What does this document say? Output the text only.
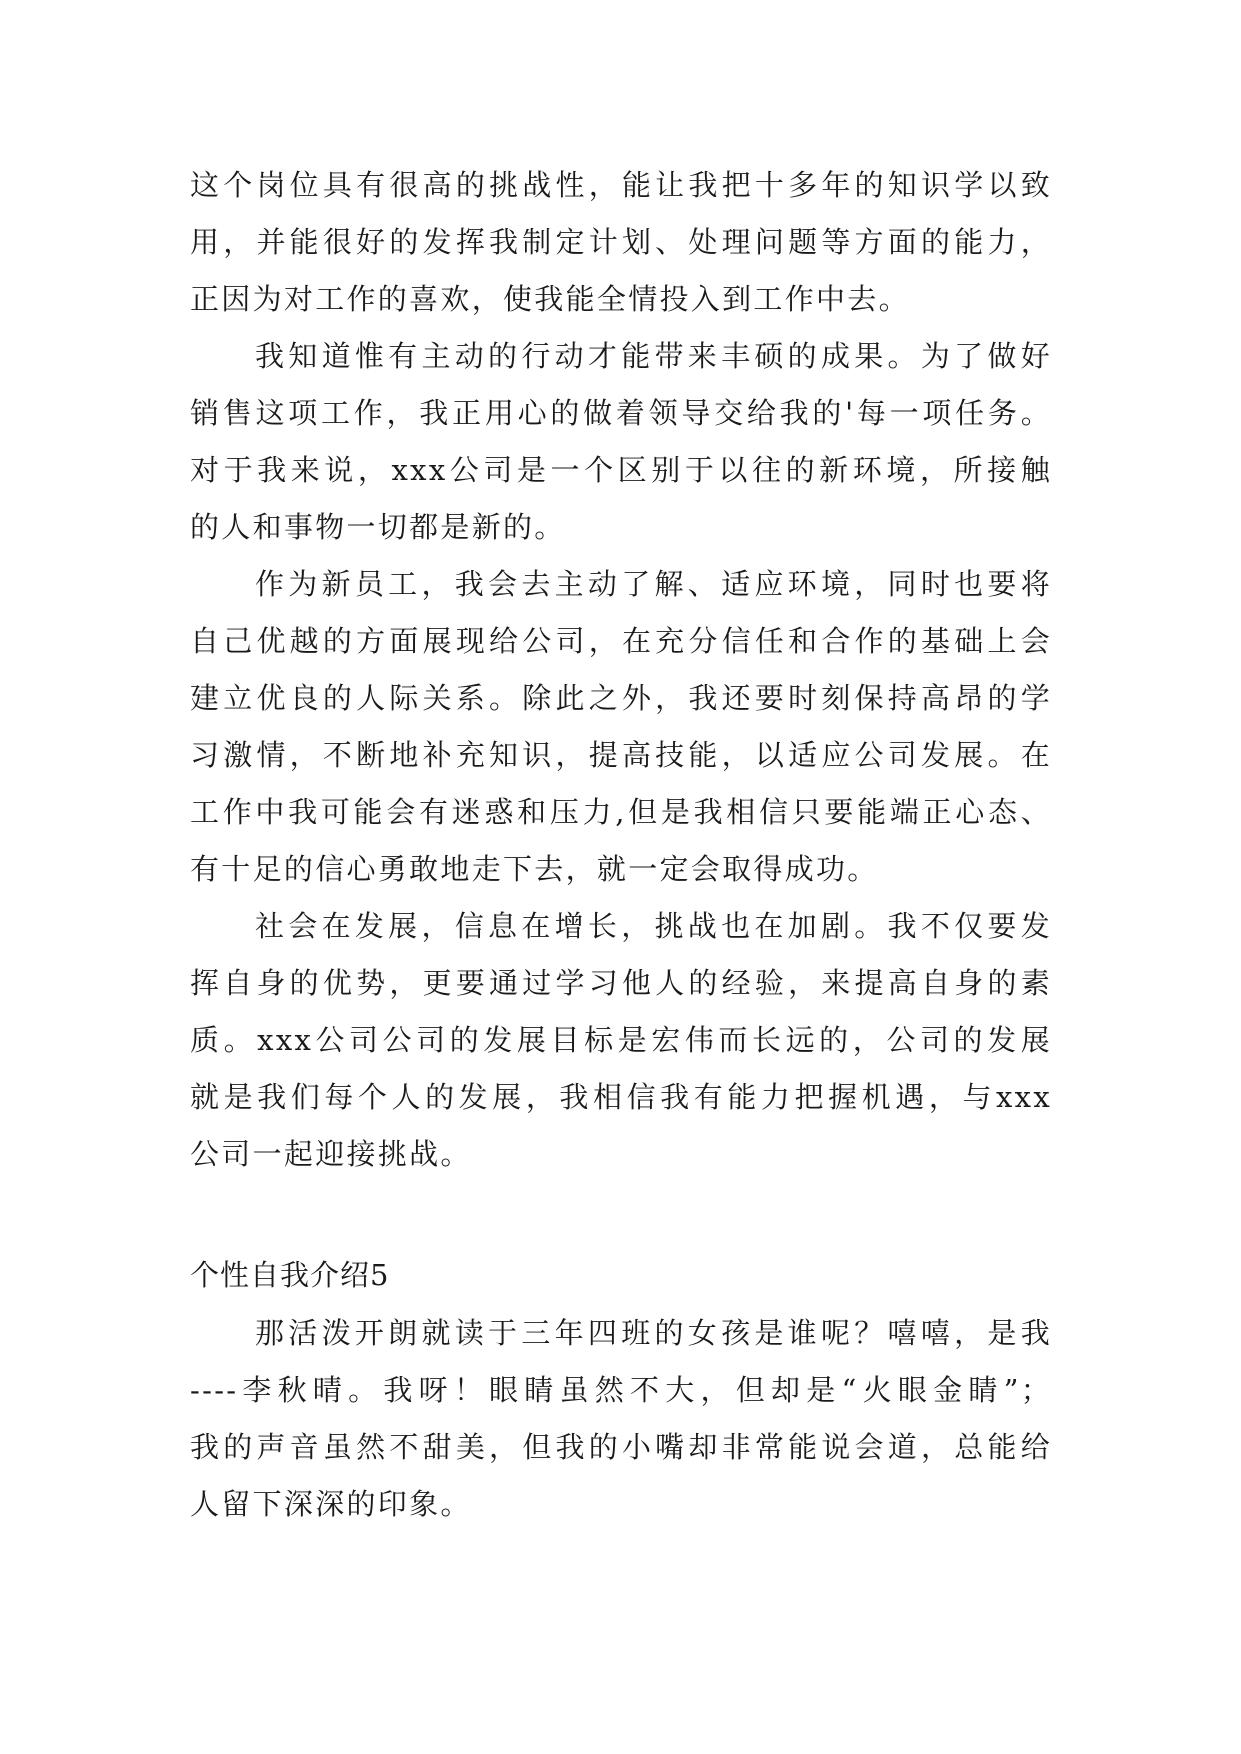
这个岗位具有很高的挑战性，能让我把十多年的知识学以致
用，并能很好的发挥我制定计划、处理问题等方面的能力，
正因为对工作的喜欢，使我能全情投入到工作中去。
我知道惟有主动的行动才能带来丰硕的成果。为了做好
销售这项工作，我正用心的做着领导交给我的'每一项任务。
对于我来说，xxx公司是一个区别于以往的新环境，所接触
的人和事物一切都是新的。
作为新员工，我会去主动了解、适应环境，同时也要将
自己优越的方面展现给公司，在充分信任和合作的基础上会
建立优良的人际关系。除此之外，我还要时刻保持高昂的学
习激情，不断地补充知识，提高技能，以适应公司发展。在
工作中我可能会有迷惑和压力,但是我相信只要能端正心态、
有十足的信心勇敢地走下去，就一定会取得成功。
社会在发展，信息在增长，挑战也在加剧。我不仅要发
挥自身的优势，更要通过学习他人的经验，来提高自身的素
质。xxx公司公司的发展目标是宏伟而长远的，公司的发展
就是我们每个人的发展，我相信我有能力把握机遇，与xxx
公司一起迎接挑战。
个性自我介绍5
那活泼开朗就读于三年四班的女孩是谁呢？嘻嘻，是我
----李秋晴。我呀！眼睛虽然不大，但却是“火眼金睛”；
我的声音虽然不甜美，但我的小嘴却非常能说会道，总能给
人留下深深的印象。
